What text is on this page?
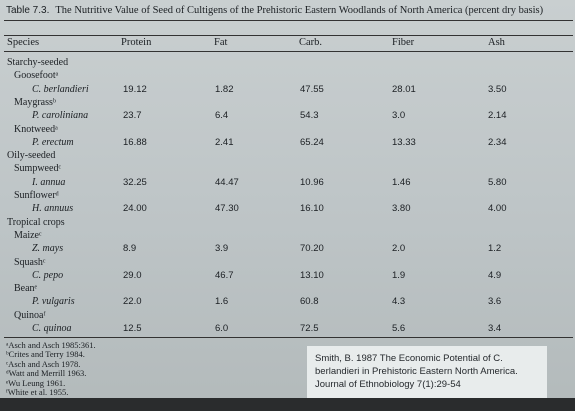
Table 7.3. The Nutritive Value of Seed of Cultigens of the Prehistoric Eastern Woodlands of North America (percent dry basis)
Species	Protein	Fat	Carb.	Fiber	Ash
Starchy-seeded
Goosefootᵃ
C. berlandieri	19.12	1.82	47.55	28.01	3.50
Maygrassᵇ
P. caroliniana	23.7	6.4	54.3	3.0	2.14
Knotweedᵃ
P. erectum	16.88	2.41	65.24	13.33	2.34
Oily-seeded
Sumpweedᶜ
I. annua	32.25	44.47	10.96	1.46	5.80
Sunflowerᵈ
H. annuus	24.00	47.30	16.10	3.80	4.00
Tropical crops
Maizeᶜ
Z. mays	8.9	3.9	70.20	2.0	1.2
Squashᶜ
C. pepo	29.0	46.7	13.10	1.9	4.9
Beanᵉ
P. vulgaris	22.0	1.6	60.8	4.3	3.6
Quinoaᶠ
C. quinoa	12.5	6.0	72.5	5.6	3.4
ᵃAsch and Asch 1985:361.
ᵇCrites and Terry 1984.
ᶜAsch and Asch 1978.
ᵈWatt and Merrill 1963.
ᵉWu Leung 1961.
ᶠWhite et al. 1955.
Smith, B. 1987 The Economic Potential of C.
berlandieri in Prehistoric Eastern North America.
Journal of Ethnobiology 7(1):29-54
